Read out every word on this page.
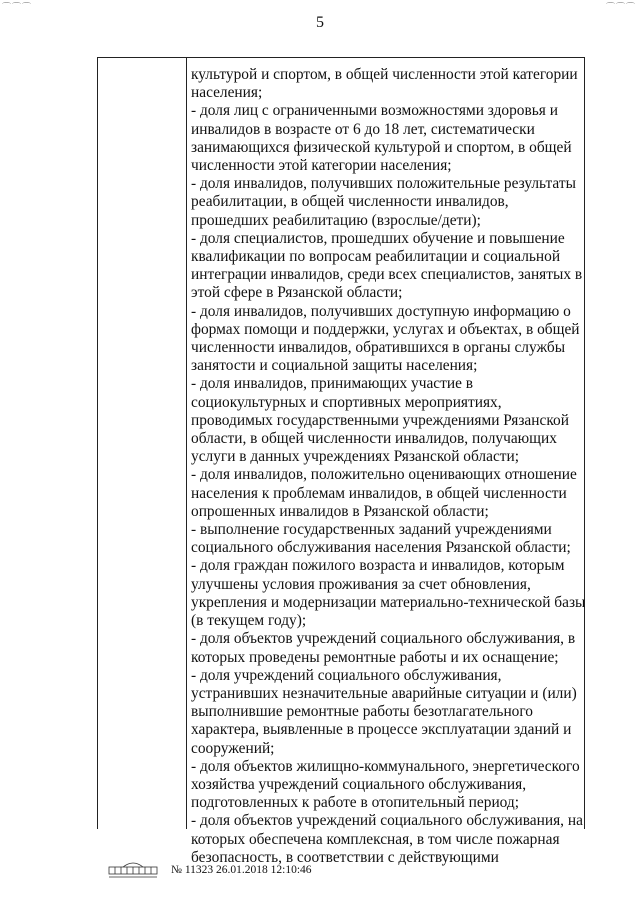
⌒⌒⌒	⌒⌒⌒
5
культурой и спортом, в общей численности этой категории
населения;
- доля лиц с ограниченными возможностями здоровья и
инвалидов в возрасте от 6 до 18 лет, систематически
занимающихся физической культурой и спортом, в общей
численности этой категории населения;
- доля инвалидов, получивших положительные результаты
реабилитации, в общей численности инвалидов,
прошедших реабилитацию (взрослые/дети);
- доля специалистов, прошедших обучение и повышение
квалификации по вопросам реабилитации и социальной
интеграции инвалидов, среди всех специалистов, занятых в
этой сфере в Рязанской области;
- доля инвалидов, получивших доступную информацию о
формах помощи и поддержки, услугах и объектах, в общей
численности инвалидов, обратившихся в органы службы
занятости и социальной защиты населения;
- доля инвалидов, принимающих участие в
социокультурных и спортивных мероприятиях,
проводимых государственными учреждениями Рязанской
области, в общей численности инвалидов, получающих
услуги в данных учреждениях Рязанской области;
- доля инвалидов, положительно оценивающих отношение
населения к проблемам инвалидов, в общей численности
опрошенных инвалидов в Рязанской области;
- выполнение государственных заданий учреждениями
социального обслуживания населения Рязанской области;
- доля граждан пожилого возраста и инвалидов, которым
улучшены условия проживания за счет обновления,
укрепления и модернизации материально-технической базы
(в текущем году);
- доля объектов учреждений социального обслуживания, в
которых проведены ремонтные работы и их оснащение;
- доля учреждений социального обслуживания,
устранивших незначительные аварийные ситуации и (или)
выполнившие ремонтные работы безотлагательного
характера, выявленные в процессе эксплуатации зданий и
сооружений;
- доля объектов жилищно-коммунального, энергетического
хозяйства учреждений социального обслуживания,
подготовленных к работе в отопительный период;
- доля объектов учреждений социального обслуживания, на
которых обеспечена комплексная, в том числе пожарная
безопасность, в соответствии с действующими
№ 11323 26.01.2018 12:10:46
